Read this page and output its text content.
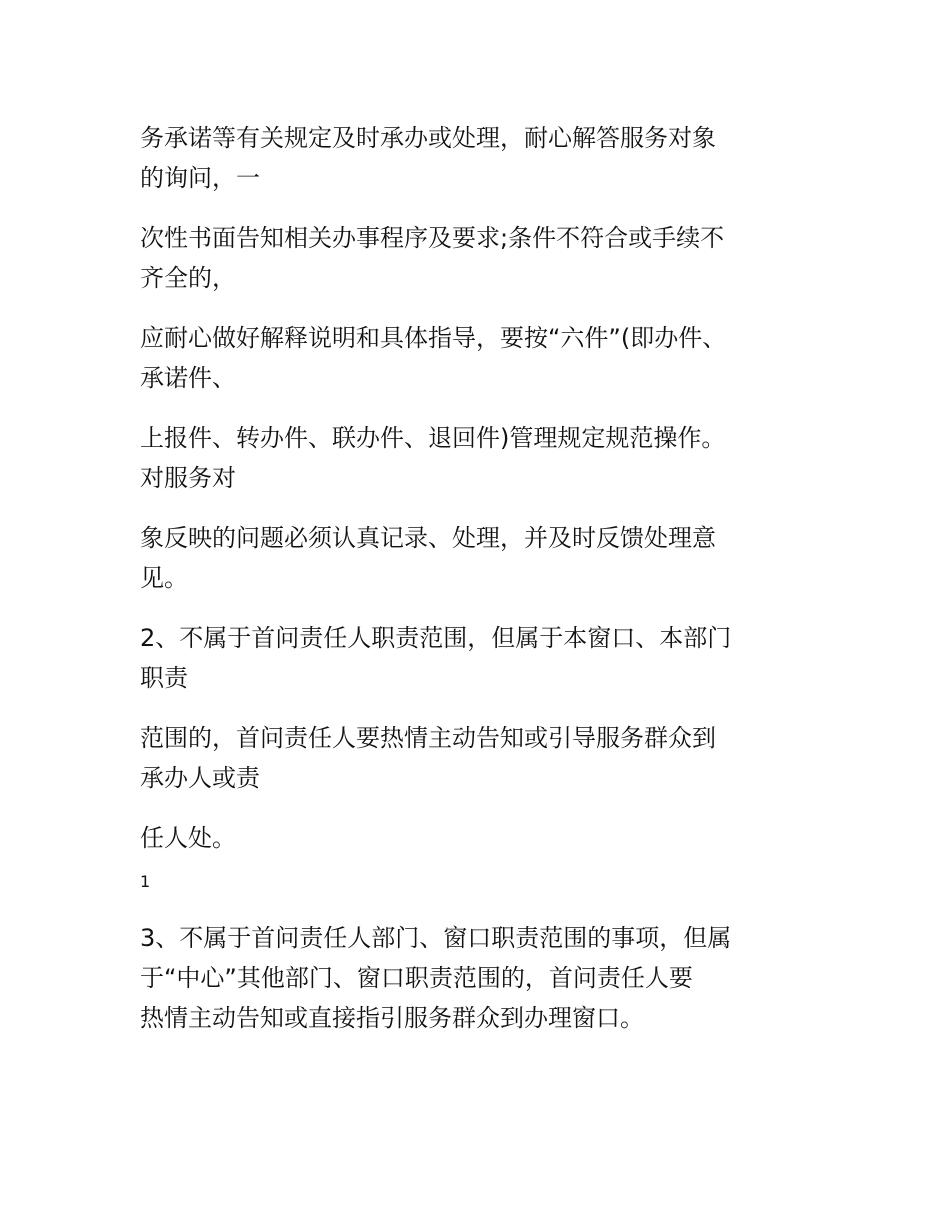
务承诺等有关规定及时承办或处理，耐心解答服务对象
的询问，一

次性书面告知相关办事程序及要求;条件不符合或手续不
齐全的，

应耐心做好解释说明和具体指导，要按“六件”(即办件、
承诺件、

上报件、转办件、联办件、退回件)管理规定规范操作。
对服务对

象反映的问题必须认真记录、处理，并及时反馈处理意
见。

2、不属于首问责任人职责范围，但属于本窗口、本部门
职责

范围的，首问责任人要热情主动告知或引导服务群众到
承办人或责

任人处。

1

3、不属于首问责任人部门、窗口职责范围的事项，但属
于“中心”其他部门、窗口职责范围的，首问责任人要
热情主动告知或直接指引服务群众到办理窗口。
